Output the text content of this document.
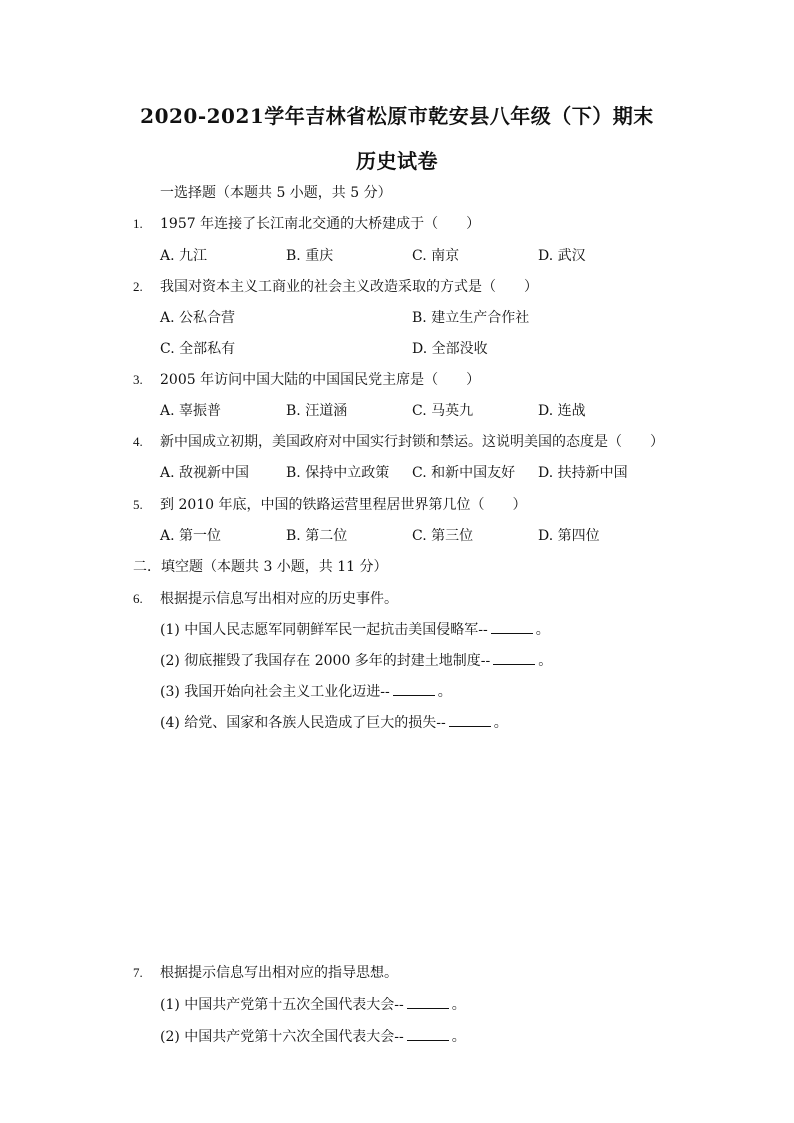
2020-2021学年吉林省松原市乾安县八年级（下）期末
历史试卷
一选择题（本题共 5 小题，共 5 分）
1. 1957 年连接了长江南北交通的大桥建成于（　　）
A. 九江	B. 重庆	C. 南京	D. 武汉
2. 我国对资本主义工商业的社会主义改造采取的方式是（　　）
A. 公私合营	B. 建立生产合作社
C. 全部私有	D. 全部没收
3. 2005 年访问中国大陆的中国国民党主席是（　　）
A. 辜振普	B. 汪道涵	C. 马英九	D. 连战
4. 新中国成立初期，美国政府对中国实行封锁和禁运。这说明美国的态度是（　　）
A. 敌视新中国	B. 保持中立政策 C. 和新中国友好 D. 扶持新中国
5. 到 2010 年底，中国的铁路运营里程居世界第几位（　　）
A. 第一位	B. 第二位	C. 第三位	D. 第四位
二．填空题（本题共 3 小题，共 11 分）
6. 根据提示信息写出相对应的历史事件。
(1) 中国人民志愿军同朝鲜军民一起抗击美国侵略军--	。
(2) 彻底摧毁了我国存在 2000 多年的封建土地制度--	。
(3) 我国开始向社会主义工业化迈进--	。
(4) 给党、国家和各族人民造成了巨大的损失--	。
7. 根据提示信息写出相对应的指导思想。
(1) 中国共产党第十五次全国代表大会--	。
(2) 中国共产党第十六次全国代表大会--	。
